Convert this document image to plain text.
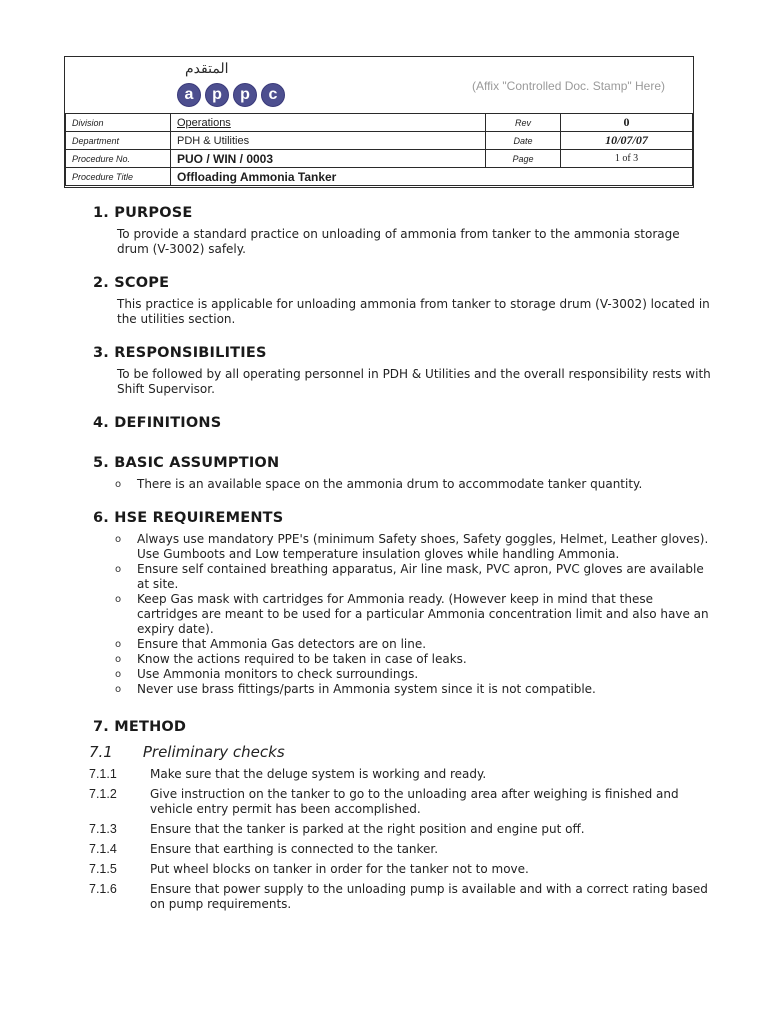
المتقدم
a	p	p	c	(Affix "Controlled Doc. Stamp" Here)
Division	Operations	Rev	0
Department	PDH & Utilities	Date	10/07/07
Procedure No.	PUO / WIN / 0003	Page	1 of 3
Procedure Title	Offloading Ammonia Tanker		
1. PURPOSE

To provide a standard practice on unloading of ammonia from tanker to the ammonia storage drum (V-3002) safely.

2. SCOPE

This practice is applicable for unloading ammonia from tanker to storage drum (V-3002) located in the utilities section.

3. RESPONSIBILITIES

To be followed by all operating personnel in PDH & Utilities and the overall responsibility rests with Shift Supervisor.

4. DEFINITIONS
5. BASIC ASSUMPTION
o There is an available space on the ammonia drum to accommodate tanker quantity.
6. HSE REQUIREMENTS
o Always use mandatory PPE's (minimum Safety shoes, Safety goggles, Helmet, Leather gloves). Use Gumboots and Low temperature insulation gloves while handling Ammonia.
o Ensure self contained breathing apparatus, Air line mask, PVC apron, PVC gloves are available at site.
o Keep Gas mask with cartridges for Ammonia ready. (However keep in mind that these cartridges are meant to be used for a particular Ammonia concentration limit and also have an expiry date).
o Ensure that Ammonia Gas detectors are on line.
o Know the actions required to be taken in case of leaks.
o Use Ammonia monitors to check surroundings.
o Never use brass fittings/parts in Ammonia system since it is not compatible.
7. METHOD
7.1 Preliminary checks
7.1.1	Make sure that the deluge system is working and ready.
7.1.2	Give instruction on the tanker to go to the unloading area after weighing is finished and vehicle entry permit has been accomplished.
7.1.3	Ensure that the tanker is parked at the right position and engine put off.
7.1.4	Ensure that earthing is connected to the tanker.
7.1.5	Put wheel blocks on tanker in order for the tanker not to move.
7.1.6	Ensure that power supply to the unloading pump is available and with a correct rating based on pump requirements.
